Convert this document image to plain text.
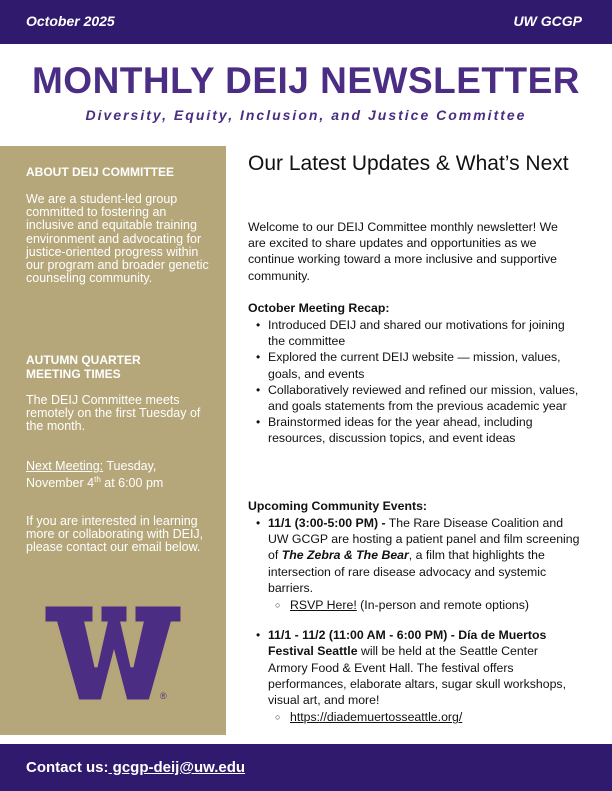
October 2025	UW GCGP
MONTHLY DEIJ NEWSLETTER
Diversity, Equity, Inclusion, and Justice Committee
ABOUT DEIJ COMMITTEE
We are a student-led group committed to fostering an inclusive and equitable training environment and advocating for justice-oriented progress within our program and broader genetic counseling community.
AUTUMN QUARTER MEETING TIMES
The DEIJ Committee meets remotely on the first Tuesday of the month.
Next Meeting: Tuesday, November 4th at 6:00 pm
If you are interested in learning more or collaborating with DEIJ, please contact our email below.
®
Our Latest Updates & What’s Next
Welcome to our DEIJ Committee monthly newsletter! We are excited to share updates and opportunities as we continue working toward a more inclusive and supportive community.
October Meeting Recap:
• Introduced DEIJ and shared our motivations for joining the committee
• Explored the current DEIJ website — mission, values, goals, and events
• Collaboratively reviewed and refined our mission, values, and goals statements from the previous academic year
• Brainstormed ideas for the year ahead, including resources, discussion topics, and event ideas
Upcoming Community Events:
• 11/1 (3:00-5:00 PM) - The Rare Disease Coalition and UW GCGP are hosting a patient panel and film screening of The Zebra & The Bear, a film that highlights the intersection of rare disease advocacy and systemic barriers.
○ RSVP Here! (In-person and remote options)
• 11/1 - 11/2 (11:00 AM - 6:00 PM) - Día de Muertos Festival Seattle will be held at the Seattle Center Armory Food & Event Hall. The festival offers performances, elaborate altars, sugar skull workshops, visual art, and more!
○ https://diademuertosseattle.org/
Contact us: gcgp-deij@uw.edu
